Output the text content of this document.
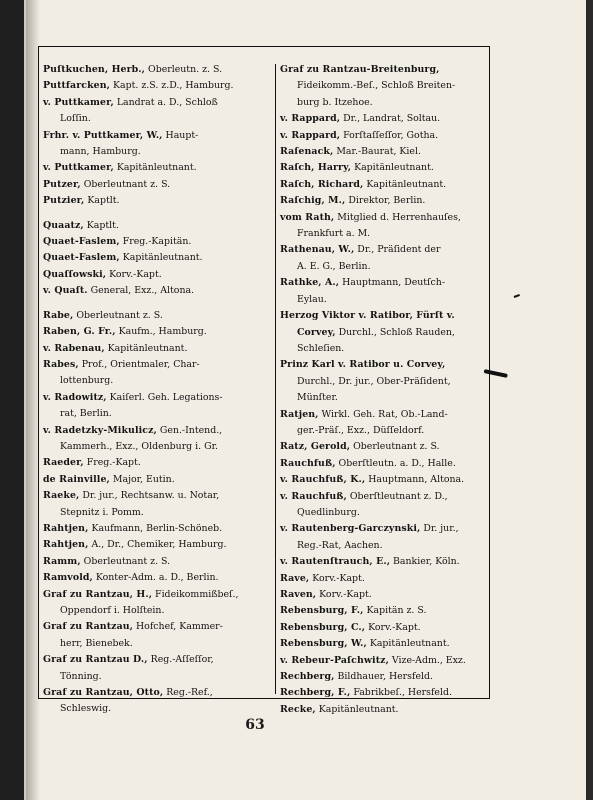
Puſtkuchen, Herb., Oberleutn. z. S.
Puttfarcken, Kapt. z.S. z.D., Hamburg.
v. Puttkamer, Landrat a. D., Schloß
Loſſin.
Frhr. v. Puttkamer, W., Haupt-
mann, Hamburg.
v. Puttkamer, Kapitänleutnant.
Putzer, Oberleutnant z. S.
Putzier, Kaptlt.
Quaatz, Kaptlt.
Quaet-Faslem, Freg.-Kapitän.
Quaet-Faslem, Kapitänleutnant.
Quaſſowski, Korv.-Kapt.
v. Quaſt. General, Exz., Altona.
Rabe, Oberleutnant z. S.
Raben, G. Fr., Kaufm., Hamburg.
v. Rabenau, Kapitänleutnant.
Rabes, Prof., Orientmaler, Char-
lottenburg.
v. Radowitz, Kaiſerl. Geh. Legations-
rat, Berlin.
v. Radetzky-Mikulicz, Gen.-Intend.,
Kammerh., Exz., Oldenburg i. Gr.
Raeder, Freg.-Kapt.
de Rainville, Major, Eutin.
Raeke, Dr. jur., Rechtsanw. u. Notar,
Stepnitz i. Pomm.
Rahtjen, Kaufmann, Berlin-Schöneb.
Rahtjen, A., Dr., Chemiker, Hamburg.
Ramm, Oberleutnant z. S.
Ramvold, Konter-Adm. a. D., Berlin.
Graf zu Rantzau, H., Fideikommißbeſ.,
Oppendorf i. Holſtein.
Graf zu Rantzau, Hofchef, Kammer-
herr, Bienebek.
Graf zu Rantzau D., Reg.-Aſſeſſor,
Tönning.
Graf zu Rantzau, Otto, Reg.-Ref.,
Schleswig.
Graf zu Rantzau-Breitenburg,
Fideikomm.-Beſ., Schloß Breiten-
burg b. Itzehoe.
v. Rappard, Dr., Landrat, Soltau.
v. Rappard, Forſtaſſeſſor, Gotha.
Raſenack, Mar.-Baurat, Kiel.
Raſch, Harry, Kapitänleutnant.
Raſch, Richard, Kapitänleutnant.
Raſchig, M., Direktor, Berlin.
vom Rath, Mitglied d. Herrenhauſes,
Frankfurt a. M.
Rathenau, W., Dr., Präſident der
A. E. G., Berlin.
Rathke, A., Hauptmann, Deutſch-
Eylau.
Herzog Viktor v. Ratibor, Fürſt v.
Corvey, Durchl., Schloß Rauden,
Schleſien.
Prinz Karl v. Ratibor u. Corvey,
Durchl., Dr. jur., Ober-Präſident,
Münſter.
Ratjen, Wirkl. Geh. Rat, Ob.-Land-
ger.-Präſ., Exz., Düſſeldorf.
Ratz, Gerold, Oberleutnant z. S.
Rauchfuß, Oberſtleutn. a. D., Halle.
v. Rauchfuß, K., Hauptmann, Altona.
v. Rauchfuß, Oberſtleutnant z. D.,
Quedlinburg.
v. Rautenberg-Garczynski, Dr. jur.,
Reg.-Rat, Aachen.
v. Rautenſtrauch, E., Bankier, Köln.
Rave, Korv.-Kapt.
Raven, Korv.-Kapt.
Rebensburg, F., Kapitän z. S.
Rebensburg, C., Korv.-Kapt.
Rebensburg, W., Kapitänleutnant.
v. Rebeur-Paſchwitz, Vize-Adm., Exz.
Rechberg, Bildhauer, Hersfeld.
Rechberg, F., Fabrikbeſ., Hersfeld.
Recke, Kapitänleutnant.
63
